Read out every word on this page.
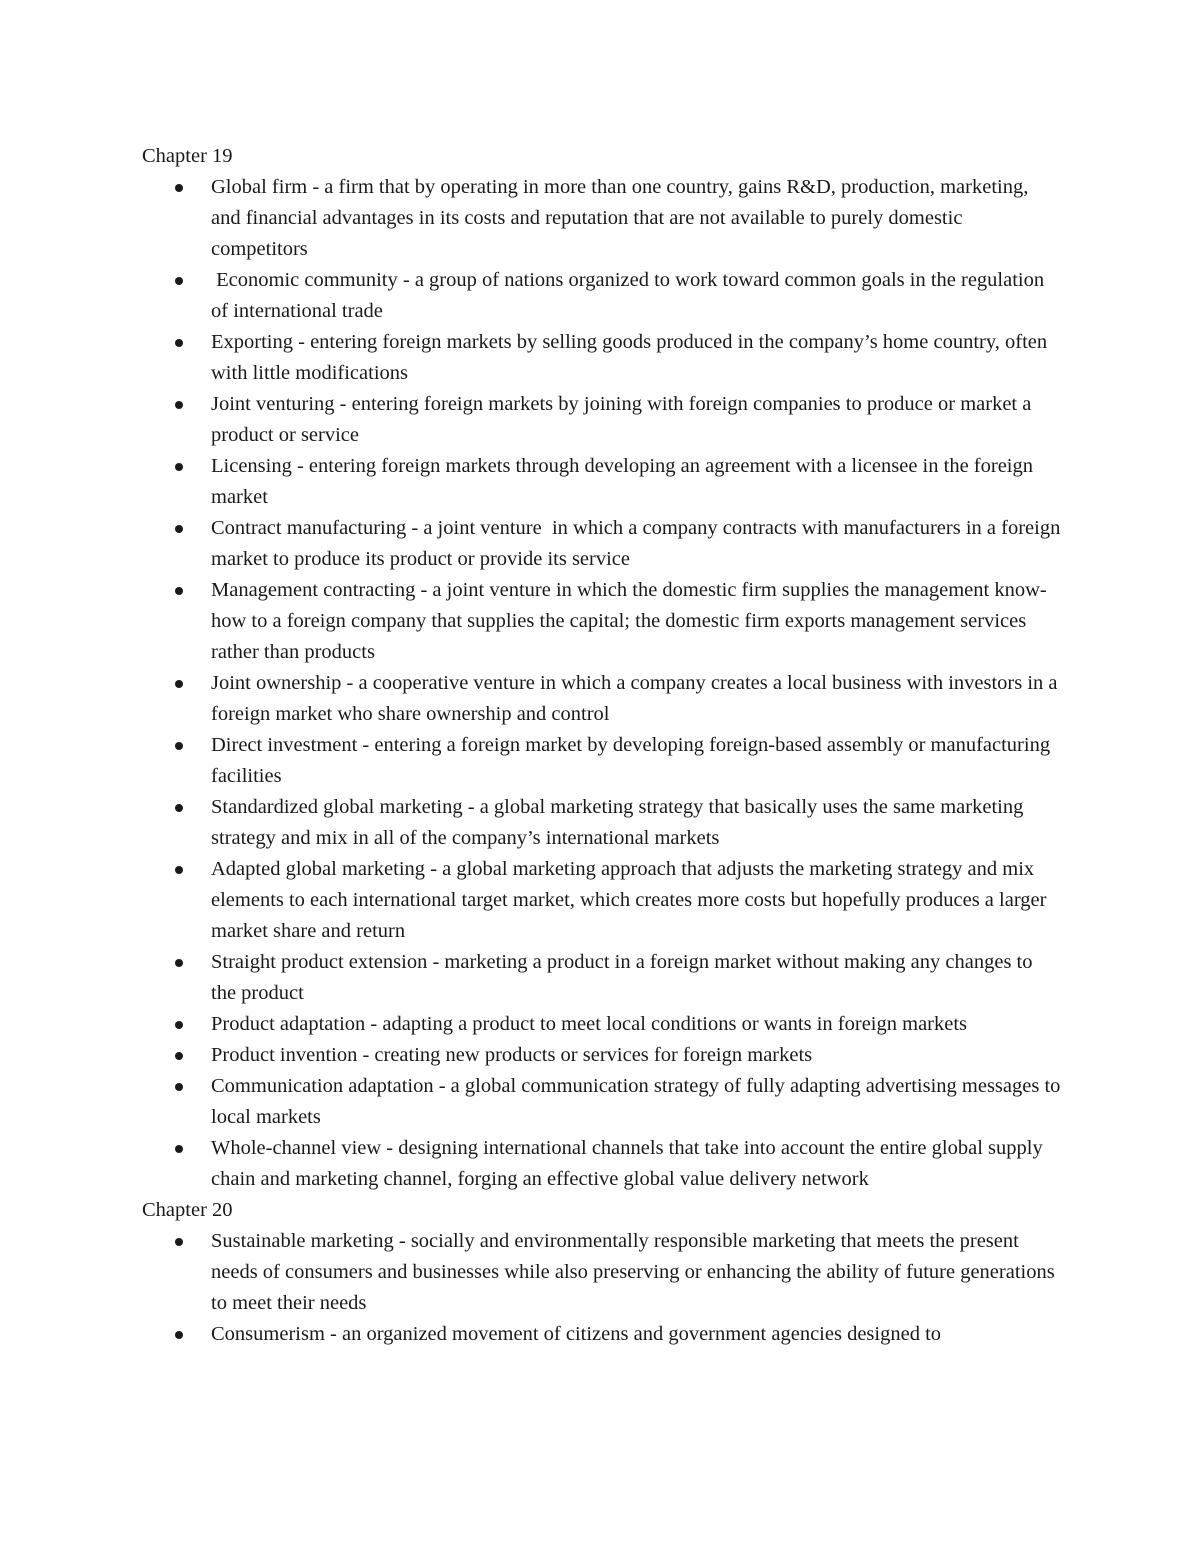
Chapter 19
Global firm - a firm that by operating in more than one country, gains R&D, production, marketing, and financial advantages in its costs and reputation that are not available to purely domestic competitors
Economic community - a group of nations organized to work toward common goals in the regulation of international trade
Exporting - entering foreign markets by selling goods produced in the company’s home country, often with little modifications
Joint venturing - entering foreign markets by joining with foreign companies to produce or market a product or service
Licensing - entering foreign markets through developing an agreement with a licensee in the foreign market
Contract manufacturing - a joint venture  in which a company contracts with manufacturers in a foreign market to produce its product or provide its service
Management contracting - a joint venture in which the domestic firm supplies the management know-how to a foreign company that supplies the capital; the domestic firm exports management services rather than products
Joint ownership - a cooperative venture in which a company creates a local business with investors in a foreign market who share ownership and control
Direct investment - entering a foreign market by developing foreign-based assembly or manufacturing facilities
Standardized global marketing - a global marketing strategy that basically uses the same marketing strategy and mix in all of the company’s international markets
Adapted global marketing - a global marketing approach that adjusts the marketing strategy and mix elements to each international target market, which creates more costs but hopefully produces a larger market share and return
Straight product extension - marketing a product in a foreign market without making any changes to the product
Product adaptation - adapting a product to meet local conditions or wants in foreign markets
Product invention - creating new products or services for foreign markets
Communication adaptation - a global communication strategy of fully adapting advertising messages to local markets
Whole-channel view - designing international channels that take into account the entire global supply chain and marketing channel, forging an effective global value delivery network
Chapter 20
Sustainable marketing - socially and environmentally responsible marketing that meets the present needs of consumers and businesses while also preserving or enhancing the ability of future generations to meet their needs
Consumerism - an organized movement of citizens and government agencies designed to
